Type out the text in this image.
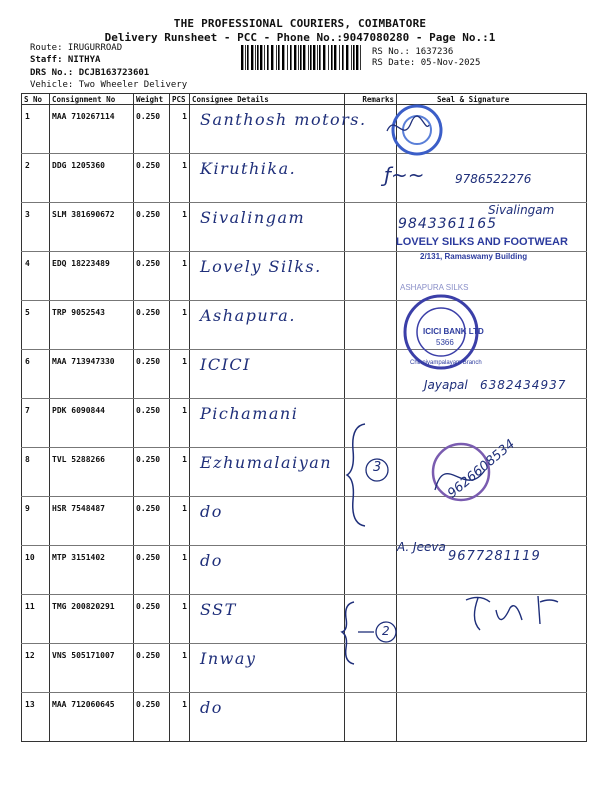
THE PROFESSIONAL COURIERS, COIMBATORE
Delivery Runsheet - PCC - Phone No.:9047080280 - Page No.:1
Route: IRUGURROAD
Staff: NITHYA
DRS No.: DCJB163723601
Vehicle: Two Wheeler Delivery
RS No.: 1637236
RS Date: 05-Nov-2025
S No	Consignment No	Weight	PCS	Consignee Details	Remarks	Seal & Signature
1	MAA 710267114	0.250	1	Santhosh motors.		
2	DDG 1205360	0.250	1	Kiruthika.		
3	SLM 381690672	0.250	1	Sivalingam		
4	EDQ 18223489	0.250	1	Lovely Silks.		
5	TRP 9052543	0.250	1	Ashapura.		
6	MAA 713947330	0.250	1	ICICI		
7	PDK 6090844	0.250	1	Pichamani		
8	TVL 5288266	0.250	1	Ezhumalaiyan		
9	HSR 7548487	0.250	1	do		
10	MTP 3151402	0.250	1	do		
11	TMG 200820291	0.250	1	SST		
12	VNS 505171007	0.250	1	Inway		
13	MAA 712060645	0.250	1	do		
ƒ~~	9786522276
Sivalingam
9843361165
LOVELY SILKS AND FOOTWEAR
2/131, Ramaswamy Building
ASHAPURA SILKS
ICICI BANK LTD
5366
Chinniyampalayam Branch
Jayapal 6382434937
3	9626608534
A. Jeeva
9677281119
2
